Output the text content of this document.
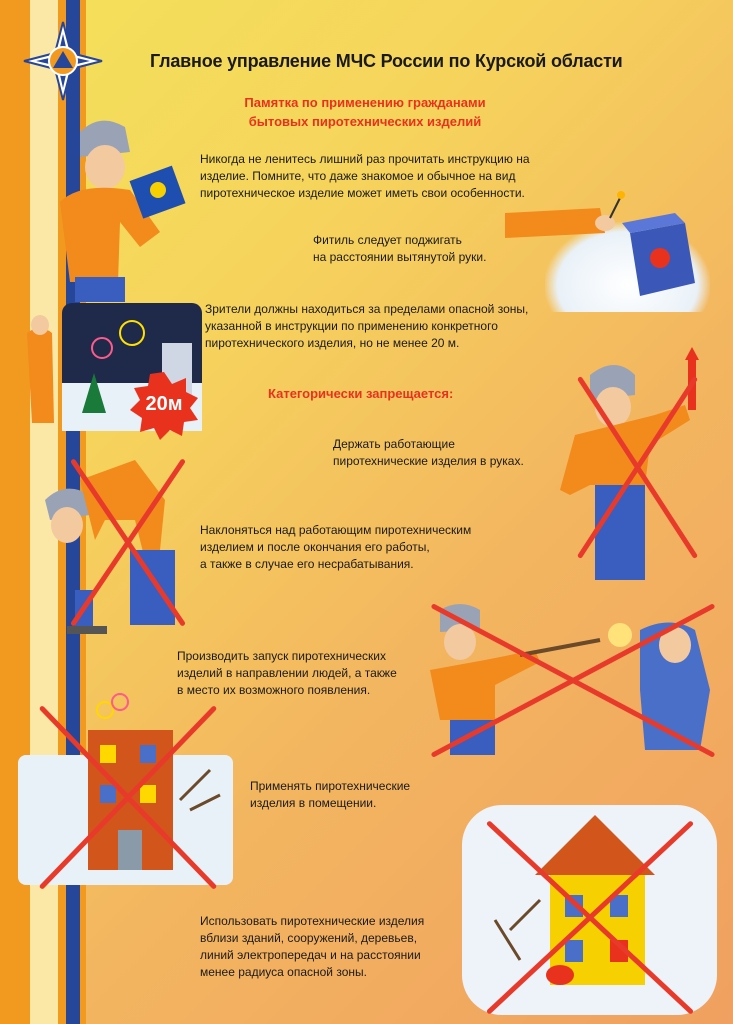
Главное управление МЧС России по Курской области
Памятка по применению гражданами
бытовых пиротехнических изделий
Никогда не ленитесь лишний раз прочитать инструкцию на
изделие. Помните, что даже знакомое и обычное на вид
пиротехническое изделие может иметь свои особенности.
Фитиль следует поджигать
на расстоянии вытянутой руки.
20м
Зрители должны находиться за пределами опасной зоны,
указанной в инструкции по применению конкретного
пиротехнического изделия, но не менее 20 м.
Категорически запрещается:
Держать работающие
пиротехнические изделия в руках.
Наклоняться над работающим пиротехническим
изделием и после окончания его работы,
а также в случае его несрабатывания.
Производить запуск пиротехнических
изделий в направлении людей, а также
в место их возможного появления.
Применять пиротехнические
изделия в помещении.
Использовать пиротехнические изделия
вблизи зданий, сооружений, деревьев,
линий электропередач и на расстоянии
менее радиуса опасной зоны.
